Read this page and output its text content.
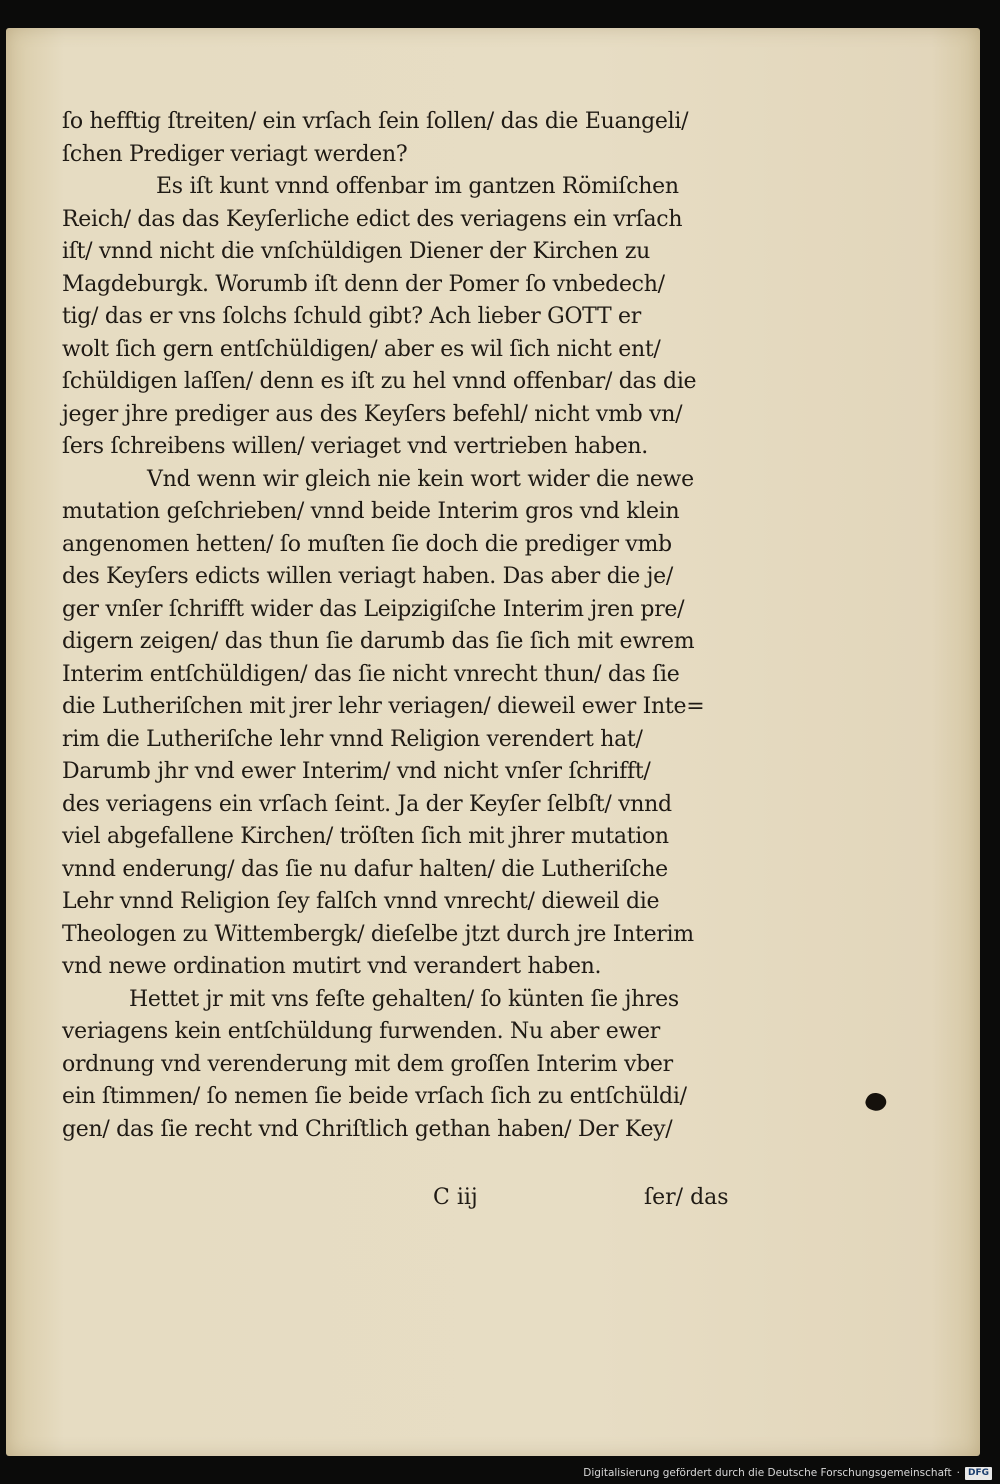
ſo hefftig ſtreiten/ ein vrſach ſein ſollen/ das die Euangeli/
ſchen Prediger veriagt werden?
Es iſt kunt vnnd offenbar im gantzen Römiſchen
Reich/ das das Keyſerliche edict des veriagens ein vrſach
iſt/ vnnd nicht die vnſchüldigen Diener der Kirchen zu
Magdeburgk. Worumb iſt denn der Pomer ſo vnbedech/
tig/ das er vns ſolchs ſchuld gibt? Ach lieber GOTT er
wolt ſich gern entſchüldigen/ aber es wil ſich nicht ent/
ſchüldigen laſſen/ denn es iſt zu hel vnnd offenbar/ das die
jeger jhre prediger aus des Keyſers befehl/ nicht vmb vn/
ſers ſchreibens willen/ veriaget vnd vertrieben haben.
Vnd wenn wir gleich nie kein wort wider die newe
mutation geſchrieben/ vnnd beide Interim gros vnd klein
angenomen hetten/ ſo muſten ſie doch die prediger vmb
des Keyſers edicts willen veriagt haben. Das aber die je/
ger vnſer ſchrifft wider das Leipzigiſche Interim jren pre/
digern zeigen/ das thun ſie darumb das ſie ſich mit ewrem
Interim entſchüldigen/ das ſie nicht vnrecht thun/ das ſie
die Lutheriſchen mit jrer lehr veriagen/ dieweil ewer Inte=
rim die Lutheriſche lehr vnnd Religion verendert hat/
Darumb jhr vnd ewer Interim/ vnd nicht vnſer ſchrifft/
des veriagens ein vrſach ſeint. Ja der Keyſer ſelbſt/ vnnd
viel abgefallene Kirchen/ tröſten ſich mit jhrer mutation
vnnd enderung/ das ſie nu dafur halten/ die Lutheriſche
Lehr vnnd Religion ſey falſch vnnd vnrecht/ dieweil die
Theologen zu Wittembergk/ dieſelbe jtzt durch jre Interim
vnd newe ordination mutirt vnd verandert haben.
Hettet jr mit vns feſte gehalten/ ſo künten ſie jhres
veriagens kein entſchüldung furwenden. Nu aber ewer
ordnung vnd verenderung mit dem groſſen Interim vber
ein ſtimmen/ ſo nemen ſie beide vrſach ſich zu entſchüldi/
gen/ das ſie recht vnd Chriſtlich gethan haben/ Der Key/
C iij	ſer/ das
Digitalisierung gefördert durch die Deutsche Forschungsgemeinschaft · DFG
